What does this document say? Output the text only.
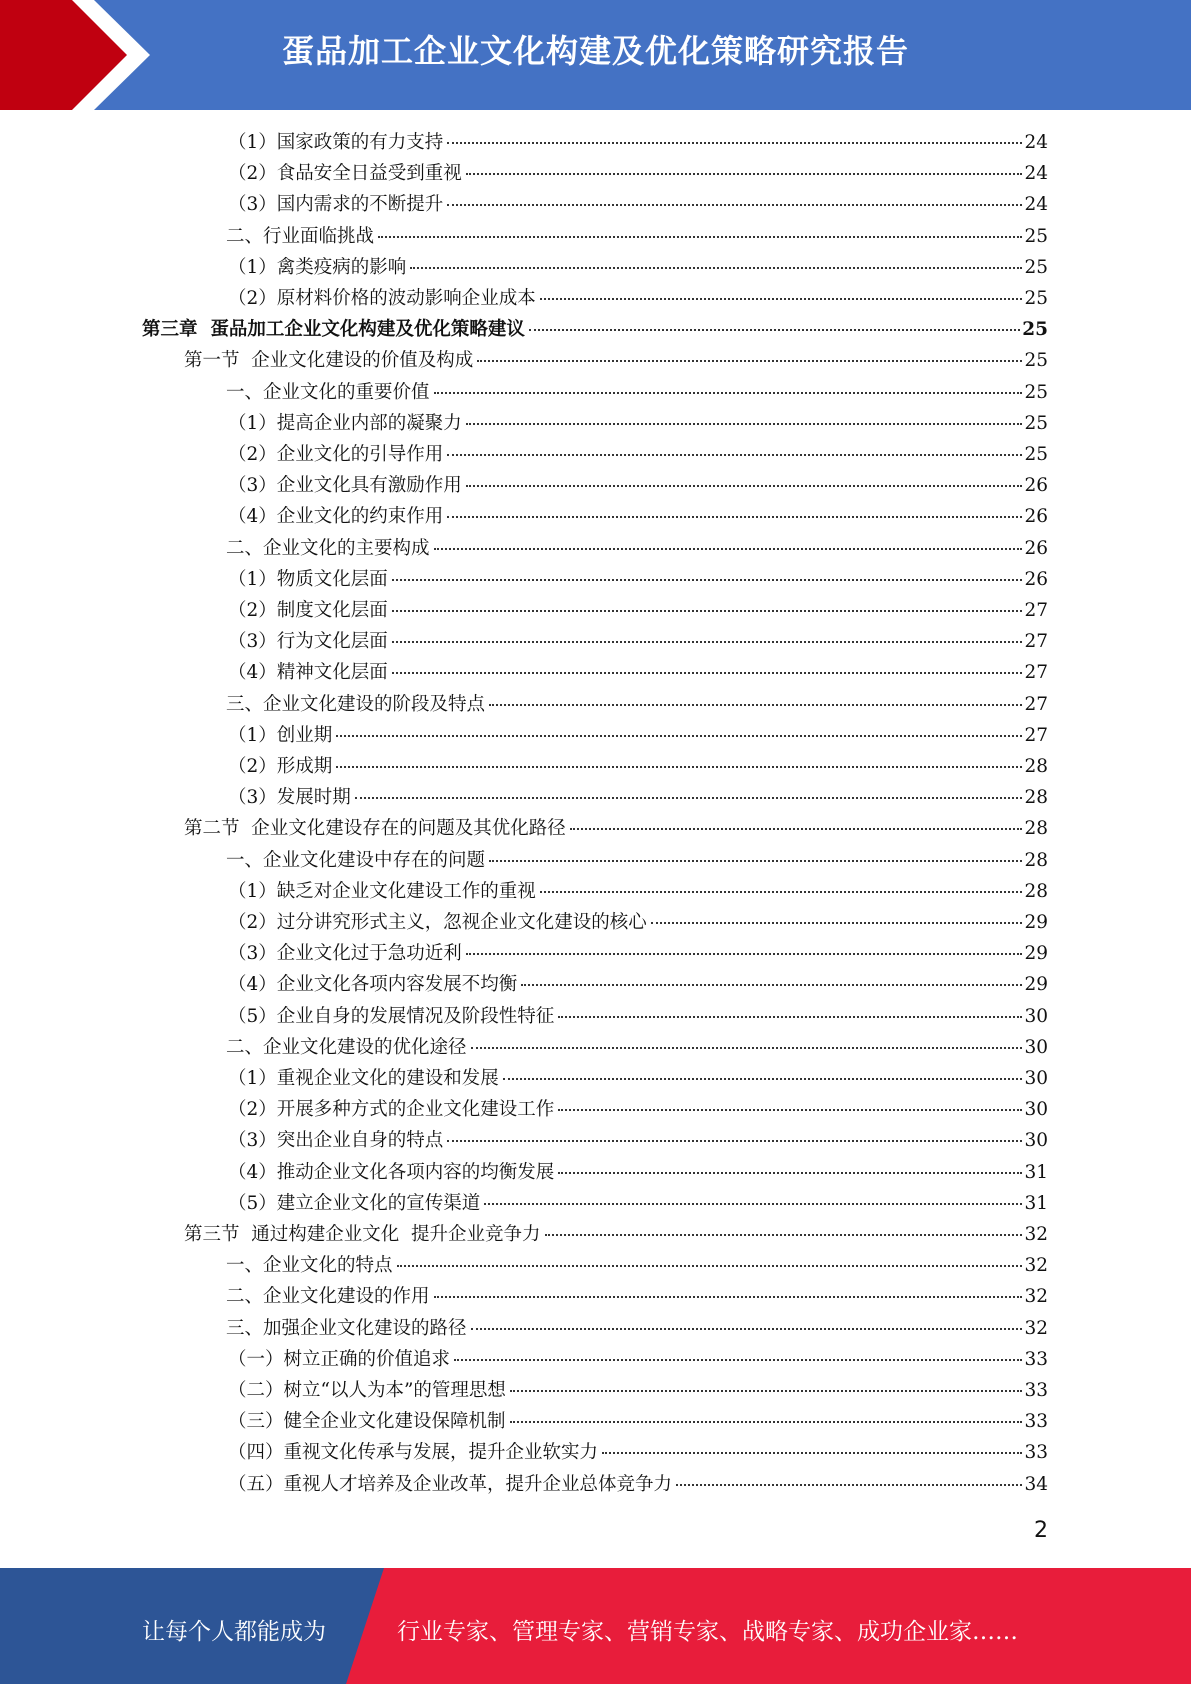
蛋品加工企业文化构建及优化策略研究报告
（1）国家政策的有力支持	24
（2）食品安全日益受到重视	24
（3）国内需求的不断提升	24
二、行业面临挑战	25
（1）禽类疫病的影响	25
（2）原材料价格的波动影响企业成本	25
第三章  蛋品加工企业文化构建及优化策略建议	25
第一节  企业文化建设的价值及构成	25
一、企业文化的重要价值	25
（1）提高企业内部的凝聚力	25
（2）企业文化的引导作用	25
（3）企业文化具有激励作用	26
（4）企业文化的约束作用	26
二、企业文化的主要构成	26
（1）物质文化层面	26
（2）制度文化层面	27
（3）行为文化层面	27
（4）精神文化层面	27
三、企业文化建设的阶段及特点	27
（1）创业期	27
（2）形成期	28
（3）发展时期	28
第二节  企业文化建设存在的问题及其优化路径	28
一、企业文化建设中存在的问题	28
（1）缺乏对企业文化建设工作的重视	28
（2）过分讲究形式主义，忽视企业文化建设的核心	29
（3）企业文化过于急功近利	29
（4）企业文化各项内容发展不均衡	29
（5）企业自身的发展情况及阶段性特征	30
二、企业文化建设的优化途径	30
（1）重视企业文化的建设和发展	30
（2）开展多种方式的企业文化建设工作	30
（3）突出企业自身的特点	30
（4）推动企业文化各项内容的均衡发展	31
（5）建立企业文化的宣传渠道	31
第三节  通过构建企业文化  提升企业竞争力	32
一、企业文化的特点	32
二、企业文化建设的作用	32
三、加强企业文化建设的路径	32
（一）树立正确的价值追求	33
（二）树立“以人为本”的管理思想	33
（三）健全企业文化建设保障机制	33
（四）重视文化传承与发展，提升企业软实力	33
（五）重视人才培养及企业改革，提升企业总体竞争力	34
2
让每个人都能成为	行业专家、管理专家、营销专家、战略专家、成功企业家……
